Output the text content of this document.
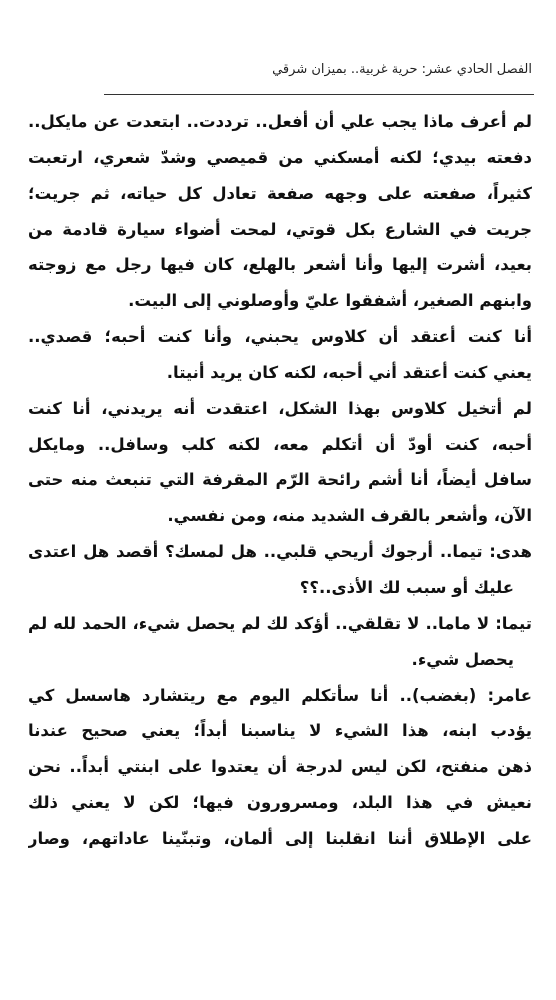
الفصل الحادي عشر: حرية غربية.. بميزان شرقي
لم أعرف ماذا يجب علي أن أفعل.. ترددت.. ابتعدت عن مايكل..
دفعته بيدي؛ لكنه أمسكني من قميصي وشدّ شعري، ارتعبت
كثيراً، صفعته على وجهه صفعة تعادل كل حياته، ثم جريت؛
جريت في الشارع بكل قوتي، لمحت أضواء سيارة قادمة من
بعيد، أشرت إليها وأنا أشعر بالهلع، كان فيها رجل مع زوجته
وابنهم الصغير، أشفقوا عليّ وأوصلوني إلى البيت.
أنا كنت أعتقد أن كلاوس يحبني، وأنا كنت أحبه؛ قصدي..
يعني كنت أعتقد أني أحبه، لكنه كان يريد أنيتا.
لم أتخيل كلاوس بهذا الشكل، اعتقدت أنه يريدني، أنا كنت
أحبه، كنت أودّ أن أتكلم معه، لكنه كلب وسافل.. ومايكل
سافل أيضاً، أنا أشم رائحة الرّم المقرفة التي تنبعث منه حتى
الآن، وأشعر بالقرف الشديد منه، ومن نفسي.
هدى: تيما.. أرجوك أريحي قلبي.. هل لمسك؟ أقصد هل اعتدى
عليك أو سبب لك الأذى..؟؟
تيما: لا ماما.. لا تقلقي.. أؤكد لك لم يحصل شيء، الحمد لله لم
يحصل شيء.
عامر: (بغضب).. أنا سأتكلم اليوم مع ريتشارد هاسسل كي
يؤدب ابنه، هذا الشيء لا يناسبنا أبداً؛ يعني صحيح عندنا
ذهن منفتح، لكن ليس لدرجة أن يعتدوا على ابنتي أبداً.. نحن
نعيش في هذا البلد، ومسرورون فيها؛ لكن لا يعني ذلك
على الإطلاق أننا انقلبنا إلى ألمان، وتبنّينا عاداتهم، وصار
